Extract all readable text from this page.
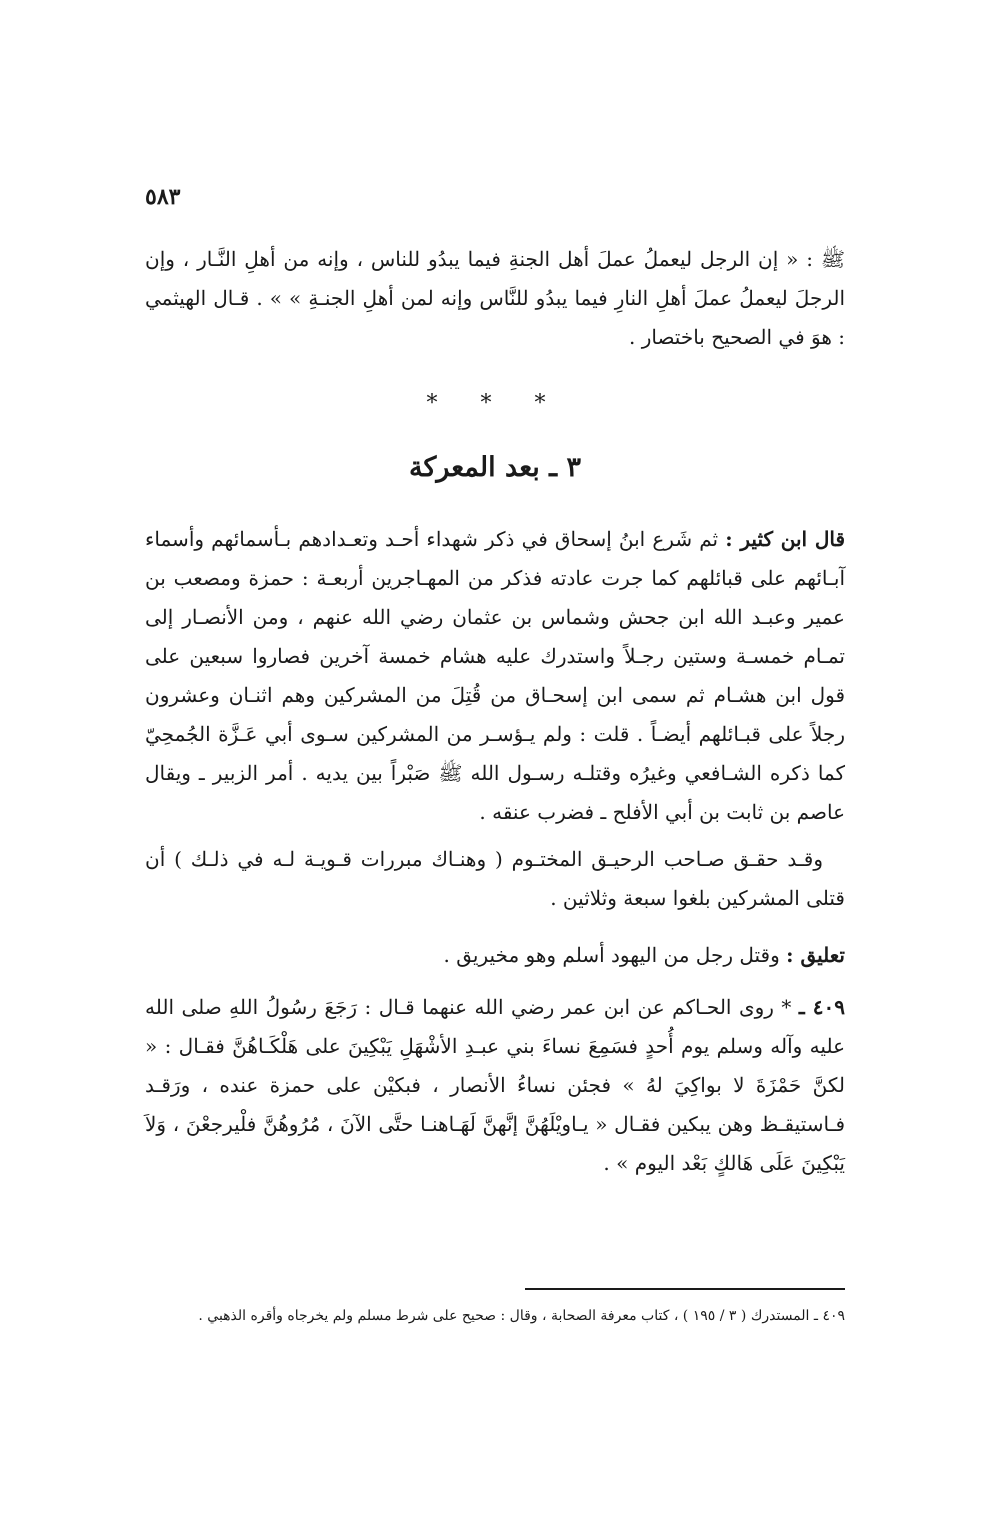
٥٨٣

ﷺ : « إن الرجل ليعملُ عملَ أهل الجنةِ فيما يبدُو للناس ، وإنه من أهلِ النَّـار ، وإن الرجلَ ليعملُ عملَ أهلِ النارِ فيما يبدُو للنَّاس وإنه لمن أهلِ الجنـةِ » » . قـال الهيثمي : هوَ في الصحيح باختصار .

* * *
٣ ـ بعد المعركة

قال ابن كثير : ثم شَرع ابنُ إسحاق في ذكر شهداء أحـد وتعـدادهم بـأسمائهم وأسماء آبـائهم على قبائلهم كما جرت عادته فذكر من المهـاجرين أربعـة : حمزة ومصعب بن عمير وعبـد الله ابن جحش وشماس بن عثمان رضي الله عنهم ، ومن الأنصـار إلى تمـام خمسـة وستين رجـلاً واستدرك عليه هشام خمسة آخرين فصاروا سبعين على قول ابن هشـام ثم سمى ابن إسحـاق من قُتِلَ من المشركين وهم اثنـان وعشرون رجلاً على قبـائلهم أيضـاً . قلت : ولم يـؤسـر من المشركين سـوى أبي عَـزَّة الجُمحِيّ كما ذكره الشـافعي وغيرُه وقتلـه رسـول الله ﷺ صَبْراً بين يديه . أمر الزبير ـ ويقال عاصم بن ثابت بن أبي الأفلح ـ فضرب عنقه .

وقـد حقـق صـاحب الرحيـق المختـوم ( وهنـاك مبررات قـويـة لـه في ذلـك ) أن قتلى المشركين بلغوا سبعة وثلاثين .

تعليق : وقتل رجل من اليهود أسلم وهو مخيريق .

٤٠٩ ـ * روى الحـاكم عن ابن عمر رضي الله عنهما قـال : رَجَعَ رسُولُ اللهِ صلى الله عليه وآله وسلم يوم أُحدٍ فسَمِعَ نساءَ بني عبـدِ الأشْهَلِ يَبْكِينَ على هَلْكَـاهُنَّ فقـال : « لكنَّ حَمْزَةَ لا بواكِيَ لهُ » فجئن نساءُ الأنصار ، فبكيْن على حمزة عنده ، ورَقـد فـاستيقـظ وهن يبكين فقـال « يـاويْلَهُنَّ إنَّهنَّ لَهَـاهنـا حتَّى الآنَ ، مُرُوهُنَّ فلْيرجعْنَ ، وَلاَ يَبْكِينَ عَلَى هَالكٍ بَعْد اليوم » .

٤٠٩ ـ المستدرك ( ٣ / ١٩٥ ) ، كتاب معرفة الصحابة ، وقال : صحيح على شرط مسلم ولم يخرجاه وأقره الذهبي .
